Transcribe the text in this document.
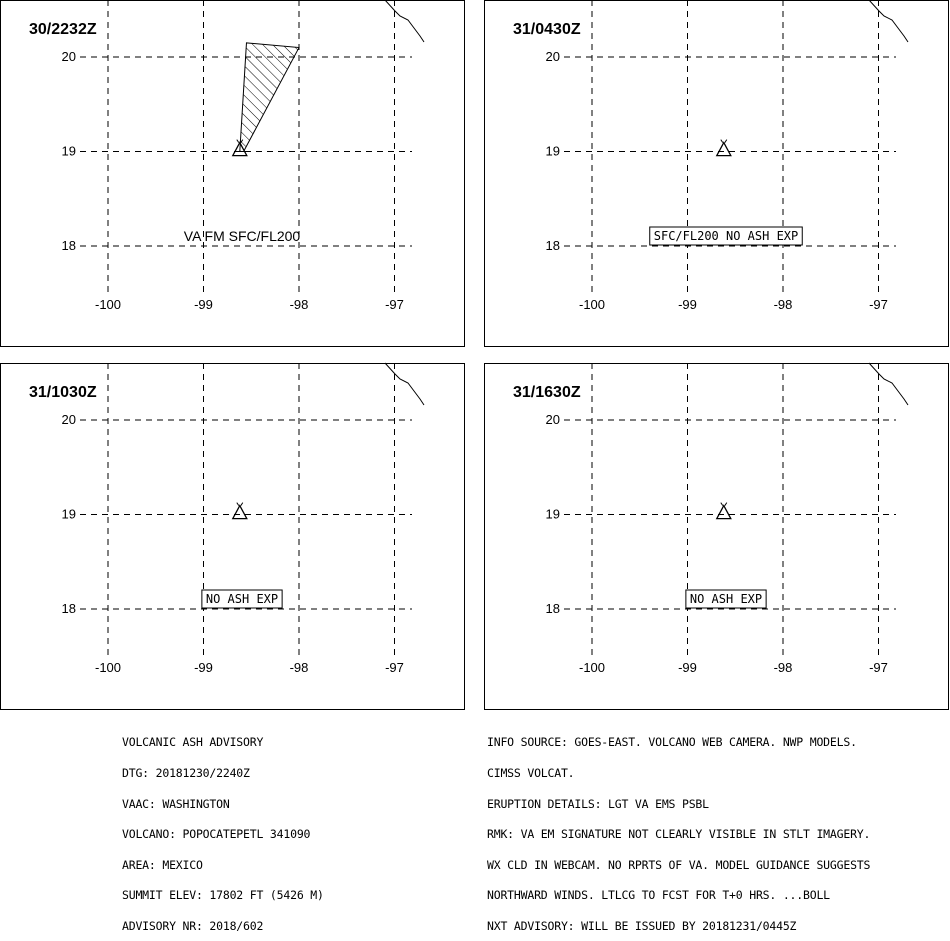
20
19
18
-100	-99	-98	-97
30/2232Z
VA FM SFC/FL200
20
19
18
-100	-99	-98	-97
31/0430Z
SFC/FL200 NO ASH EXP
20
19
18
-100	-99	-98	-97
31/1030Z
NO ASH EXP
20
19
18
-100	-99	-98	-97
31/1630Z
NO ASH EXP

VOLCANIC ASH ADVISORY

DTG: 20181230/2240Z

VAAC: WASHINGTON

VOLCANO: POPOCATEPETL 341090

AREA: MEXICO

SUMMIT ELEV: 17802 FT (5426 M)

ADVISORY NR: 2018/602

INFO SOURCE: GOES-EAST. VOLCANO WEB CAMERA. NWP MODELS.

CIMSS VOLCAT.

ERUPTION DETAILS: LGT VA EMS PSBL

RMK: VA EM SIGNATURE NOT CLEARLY VISIBLE IN STLT IMAGERY.

WX CLD IN WEBCAM. NO RPRTS OF VA. MODEL GUIDANCE SUGGESTS

NORTHWARD WINDS. LTLCG TO FCST FOR T+0 HRS. ...BOLL

NXT ADVISORY: WILL BE ISSUED BY 20181231/0445Z
